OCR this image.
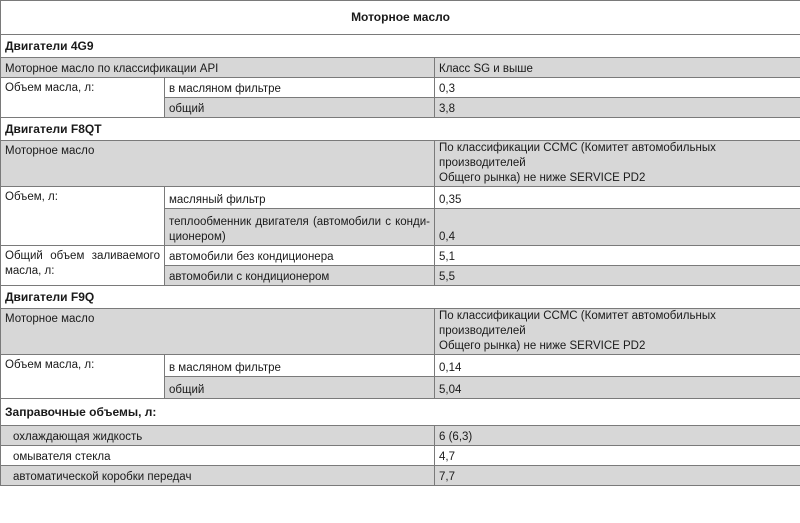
Моторное масло		
Двигатели 4G9		
Моторное масло по классификации API		Класс SG и выше
Объем масла, л:	в масляном фильтре	0,3
	общий	3,8
Двигатели F8QT		
Моторное масло		По классификации ССМС (Комитет автомобильных производителей
Общего рынка) не ниже SERVICE PD2

Объем, л:	масляный фильтр	0,35

	теплообменник двигателя (автомобили с конди-
ционером)	0,4

Общий объем заливаемого
масла, л:	автомобили без кондиционера	5,1
	автомобили с кондиционером	5,5
Двигатели F9Q		
Моторное масло		По классификации ССМС (Комитет автомобильных производителей
Общего рынка) не ниже SERVICE PD2

Объем масла, л:	в масляном фильтре	0,14
	общий	5,04
Заправочные объемы, л:		
охлаждающая жидкость		6 (6,3)
омывателя стекла		4,7
автоматической коробки передач		7,7
